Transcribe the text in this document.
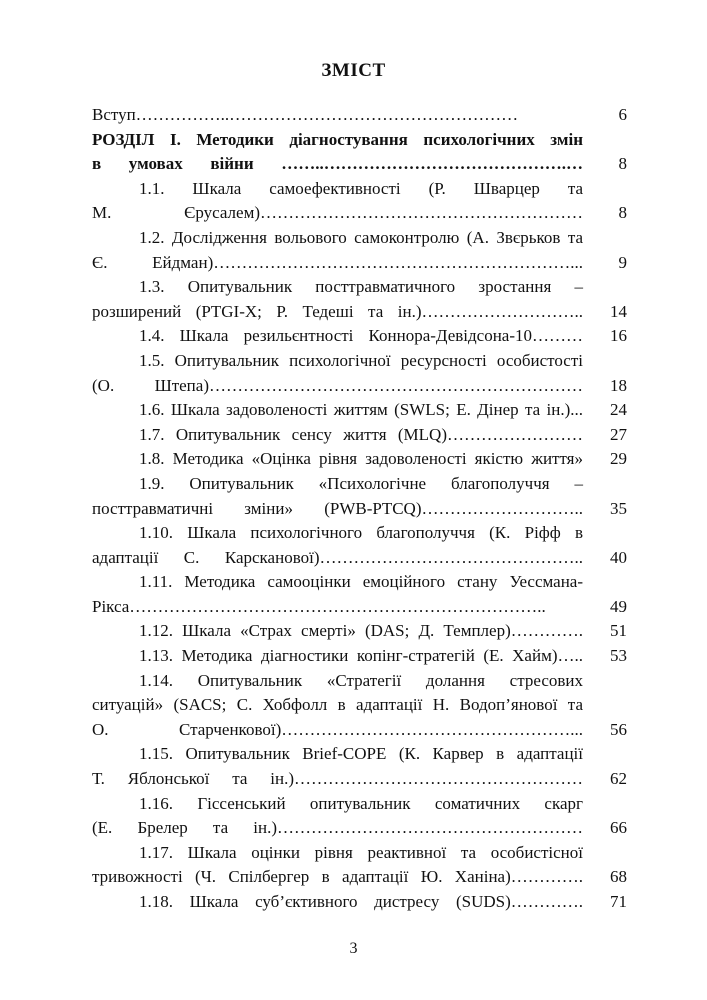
ЗМІСТ
Вступ……………..……………………………………………	6
РОЗДІЛ І. Методики діагностування психологічних змін
в умовах війни ……..…………………………………….…	8
1.1. Шкала самоефективності (Р. Шварцер та
М. Єрусалем)…………………………………………………	8
1.2. Дослідження вольового самоконтролю (А. Звєрьков та
Є. Ейдман)………………………………………………………...	9
1.3. Опитувальник посттравматичного зростання –
розширений (PTGI-X; Р. Тедеші та ін.)………………………..	14
1.4. Шкала резильєнтності Коннора-Девідсона-10………	16
1.5. Опитувальник психологічної ресурсності особистості
(О. Штепа)…………………………………………………………	18
1.6. Шкала задоволеності життям (SWLS; Е. Дінер та ін.)...	24
1.7. Опитувальник сенсу життя (MLQ)……………………	27
1.8. Методика «Оцінка рівня задоволеності якістю життя»	29
1.9. Опитувальник «Психологічне благополуччя –
посттравматичні зміни» (PWB-PTCQ)………………………..	35
1.10. Шкала психологічного благополуччя (К. Ріфф в
адаптації С. Карсканової)………………………………………..	40
1.11. Методика самооцінки емоційного стану Уессмана-
Рікса………………………………………………………………..	49
1.12. Шкала «Страх смерті» (DAS; Д. Темплер)………….	51
1.13. Методика діагностики копінг-стратегій (Е. Хайм)…..	53
1.14. Опитувальник «Стратегії долання стресових
ситуацій» (SACS; С. Хобфолл в адаптації Н. Водоп’янової та
О. Старченкової)……………………………………………...	56
1.15. Опитувальник Brief-COPE (К. Карвер в адаптації
Т. Яблонської та ін.)……………………………………………	62
1.16. Гіссенський опитувальник соматичних скарг
(Е. Брелер та ін.)………………………………………………	66
1.17. Шкала оцінки рівня реактивної та особистісної
тривожності (Ч. Спілбергер в адаптації Ю. Ханіна)………….	68
1.18. Шкала суб’єктивного дистресу (SUDS)………….	71
3
